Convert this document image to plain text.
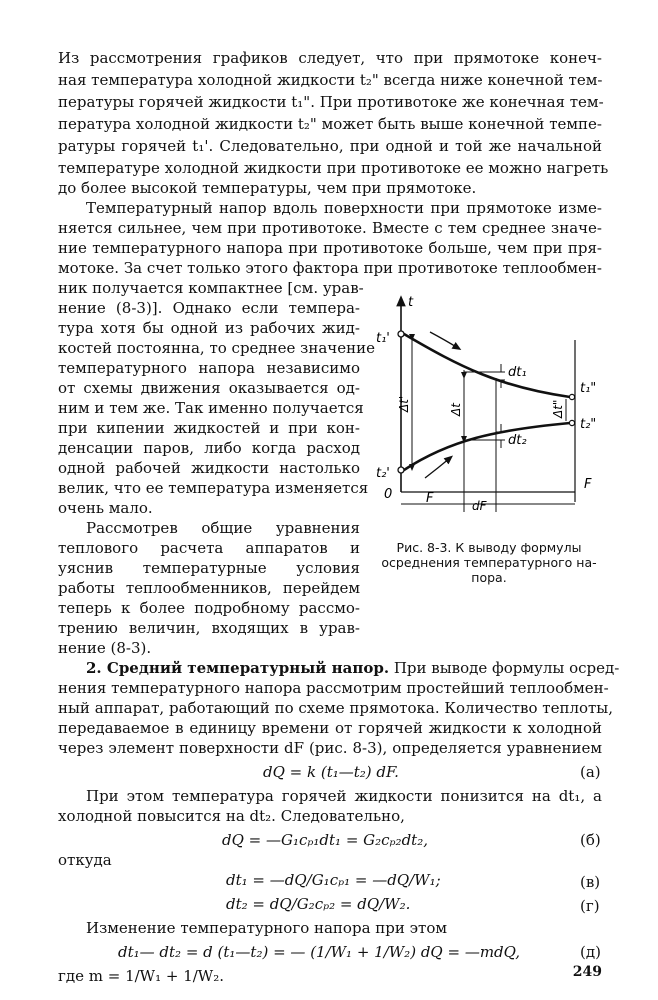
Из рассмотрения графиков следует, что при прямотоке конеч-
ная температура холодной жидкости t₂" всегда ниже конечной тем-
пературы горячей жидкости t₁". При противотоке же конечная тем-
пература холодной жидкости t₂" может быть выше конечной темпе-
ратуры горячей t₁'. Следовательно, при одной и той же начальной
температуре холодной жидкости при противотоке ее можно нагреть
до более высокой температуры, чем при прямотоке.
Температурный напор вдоль поверхности при прямотоке изме-
няется сильнее, чем при противотоке. Вместе с тем среднее значе-
ние температурного напора при противотоке больше, чем при пря-
мотоке. За счет только этого фактора при противотоке теплообмен-
ник получается компактнее [см. урав-
нение (8-3)]. Однако если темпера-
тура хотя бы одной из рабочих жид-
костей постоянна, то среднее значение
температурного напора независимо
от схемы движения оказывается од-
ним и тем же. Так именно получается
при кипении жидкостей и при кон-
денсации паров, либо когда расход
одной рабочей жидкости настолько
велик, что ее температура изменяется
очень мало.
Рассмотрев общие уравнения
теплового расчета аппаратов и
уяснив температурные условия
работы теплообменников, перейдем
теперь к более подробному рассмо-
трению величин, входящих в урав-
нение (8-3).
t
t₁'
t₂'
0
t₁"
t₂"
F
F	dF
dt₁
dt₂
Δt'	Δt	Δt"
Рис. 8-3. К выводу формулы
осреднения температурного на-
пора.
2. Средний температурный напор. При выводе формулы осред-
нения температурного напора рассмотрим простейший теплообмен-
ный аппарат, работающий по схеме прямотока. Количество теплоты,
передаваемое в единицу времени от горячей жидкости к холодной
через элемент поверхности dF (рис. 8-3), определяется уравнением
dQ = k (t₁—t₂) dF.	(а)
При этом температура горячей жидкости понизится на dt₁, а
холодной повысится на dt₂. Следовательно,
dQ = —G₁cₚ₁dt₁ = G₂cₚ₂dt₂,	(б)
откуда
dt₁ = —dQ/G₁cₚ₁ = —dQ/W₁;	(в)
dt₂ = dQ/G₂cₚ₂ = dQ/W₂.	(г)
Изменение температурного напора при этом
dt₁— dt₂ = d (t₁—t₂) = — (1/W₁ + 1/W₂) dQ = —mdQ,	(д)
где m = 1/W₁ + 1/W₂.	249
